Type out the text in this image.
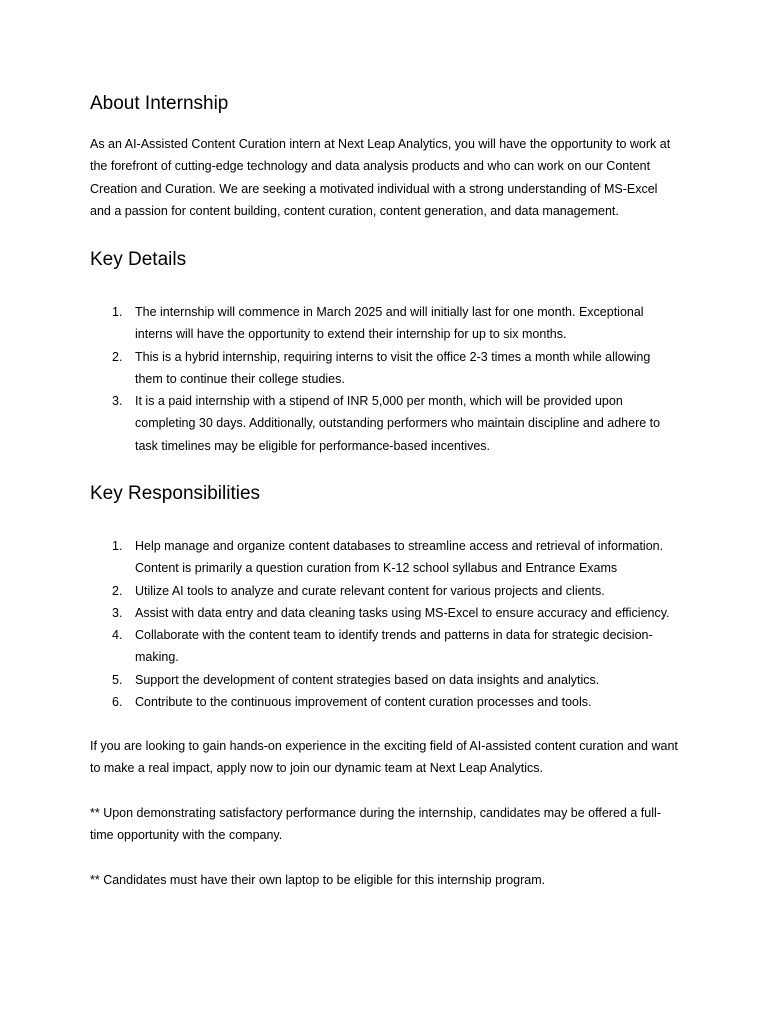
About Internship

As an AI-Assisted Content Curation intern at Next Leap Analytics, you will have the opportunity to work at the forefront of cutting-edge technology and data analysis products and who can work on our Content Creation and Curation. We are seeking a motivated individual with a strong understanding of MS-Excel and a passion for content building, content curation, content generation, and data management.

Key Details
1. The internship will commence in March 2025 and will initially last for one month. Exceptional interns will have the opportunity to extend their internship for up to six months.
2. This is a hybrid internship, requiring interns to visit the office 2-3 times a month while allowing them to continue their college studies.
3. It is a paid internship with a stipend of INR 5,000 per month, which will be provided upon completing 30 days. Additionally, outstanding performers who maintain discipline and adhere to task timelines may be eligible for performance-based incentives.
Key Responsibilities
1. Help manage and organize content databases to streamline access and retrieval of information. Content is primarily a question curation from K-12 school syllabus and Entrance Exams
2. Utilize AI tools to analyze and curate relevant content for various projects and clients.
3. Assist with data entry and data cleaning tasks using MS-Excel to ensure accuracy and efficiency.
4. Collaborate with the content team to identify trends and patterns in data for strategic decision-making.
5. Support the development of content strategies based on data insights and analytics.
6. Contribute to the continuous improvement of content curation processes and tools.

If you are looking to gain hands-on experience in the exciting field of AI-assisted content curation and want to make a real impact, apply now to join our dynamic team at Next Leap Analytics.

** Upon demonstrating satisfactory performance during the internship, candidates may be offered a full-time opportunity with the company.

** Candidates must have their own laptop to be eligible for this internship program.
